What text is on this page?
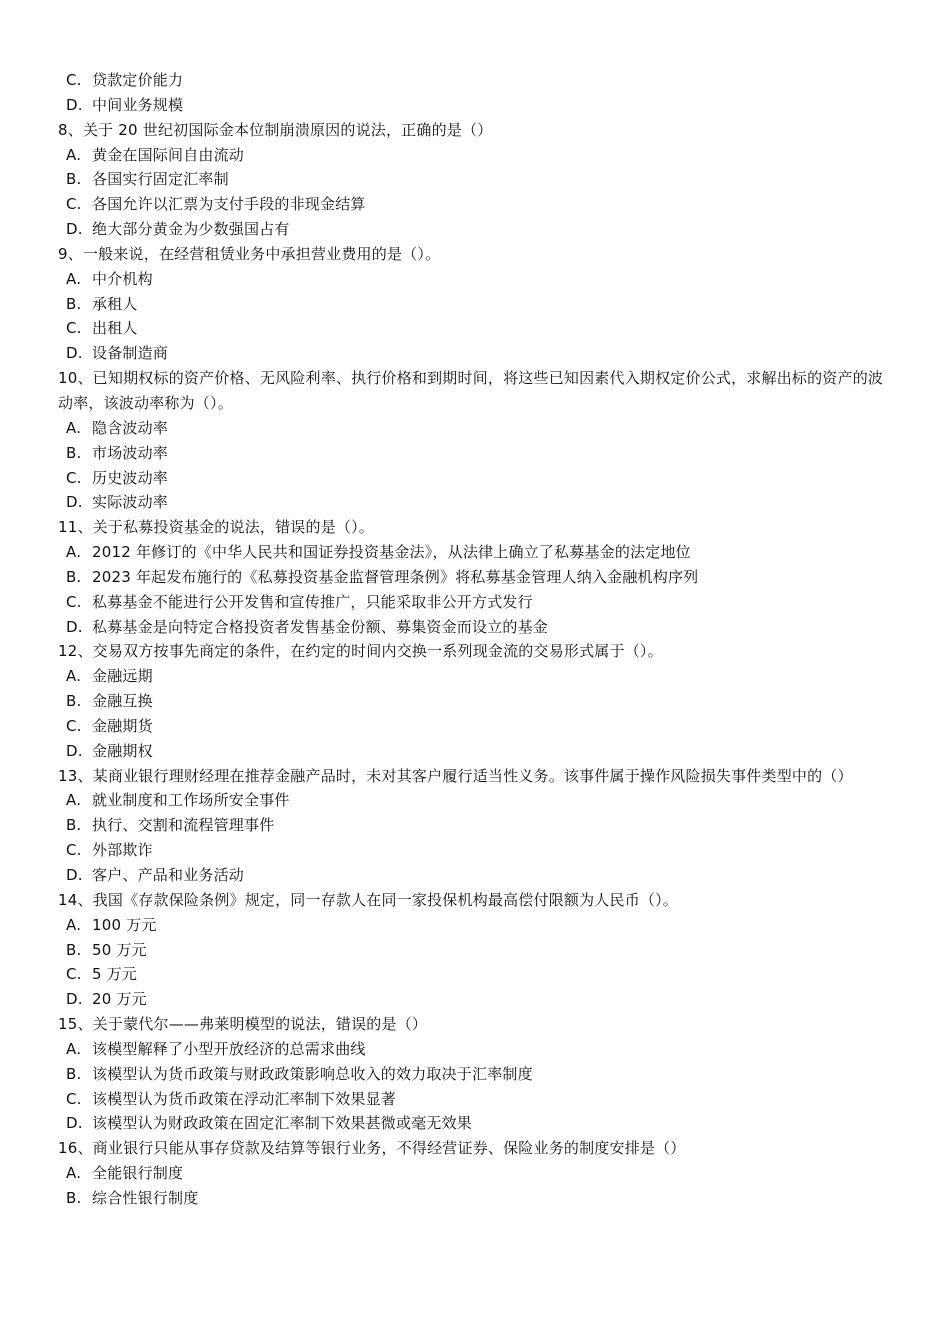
C. 贷款定价能力
D. 中间业务规模
8、关于 20 世纪初国际金本位制崩溃原因的说法，正确的是（）
A. 黄金在国际间自由流动
B. 各国实行固定汇率制
C. 各国允许以汇票为支付手段的非现金结算
D. 绝大部分黄金为少数强国占有
9、一般来说，在经营租赁业务中承担营业费用的是（）。
A. 中介机构
B. 承租人
C. 出租人
D. 设备制造商
10、已知期权标的资产价格、无风险利率、执行价格和到期时间，将这些已知因素代入期权定价公式，求解出标的资产的波动率，该波动率称为（）。
A. 隐含波动率
B. 市场波动率
C. 历史波动率
D. 实际波动率
11、关于私募投资基金的说法，错误的是（）。
A. 2012 年修订的《中华人民共和国证券投资基金法》，从法律上确立了私募基金的法定地位
B. 2023 年起发布施行的《私募投资基金监督管理条例》将私募基金管理人纳入金融机构序列
C. 私募基金不能进行公开发售和宣传推广，只能采取非公开方式发行
D. 私募基金是向特定合格投资者发售基金份额、募集资金而设立的基金
12、交易双方按事先商定的条件，在约定的时间内交换一系列现金流的交易形式属于（）。
A. 金融远期
B. 金融互换
C. 金融期货
D. 金融期权
13、某商业银行理财经理在推荐金融产品时，未对其客户履行适当性义务。该事件属于操作风险损失事件类型中的（）
A. 就业制度和工作场所安全事件
B. 执行、交割和流程管理事件
C. 外部欺诈
D. 客户、产品和业务活动
14、我国《存款保险条例》规定，同一存款人在同一家投保机构最高偿付限额为人民币（）。
A. 100 万元
B. 50 万元
C. 5 万元
D. 20 万元
15、关于蒙代尔——弗莱明模型的说法，错误的是（）
A. 该模型解释了小型开放经济的总需求曲线
B. 该模型认为货币政策与财政政策影响总收入的效力取决于汇率制度
C. 该模型认为货币政策在浮动汇率制下效果显著
D. 该模型认为财政政策在固定汇率制下效果甚微或毫无效果
16、商业银行只能从事存贷款及结算等银行业务，不得经营证券、保险业务的制度安排是（）
A. 全能银行制度
B. 综合性银行制度
